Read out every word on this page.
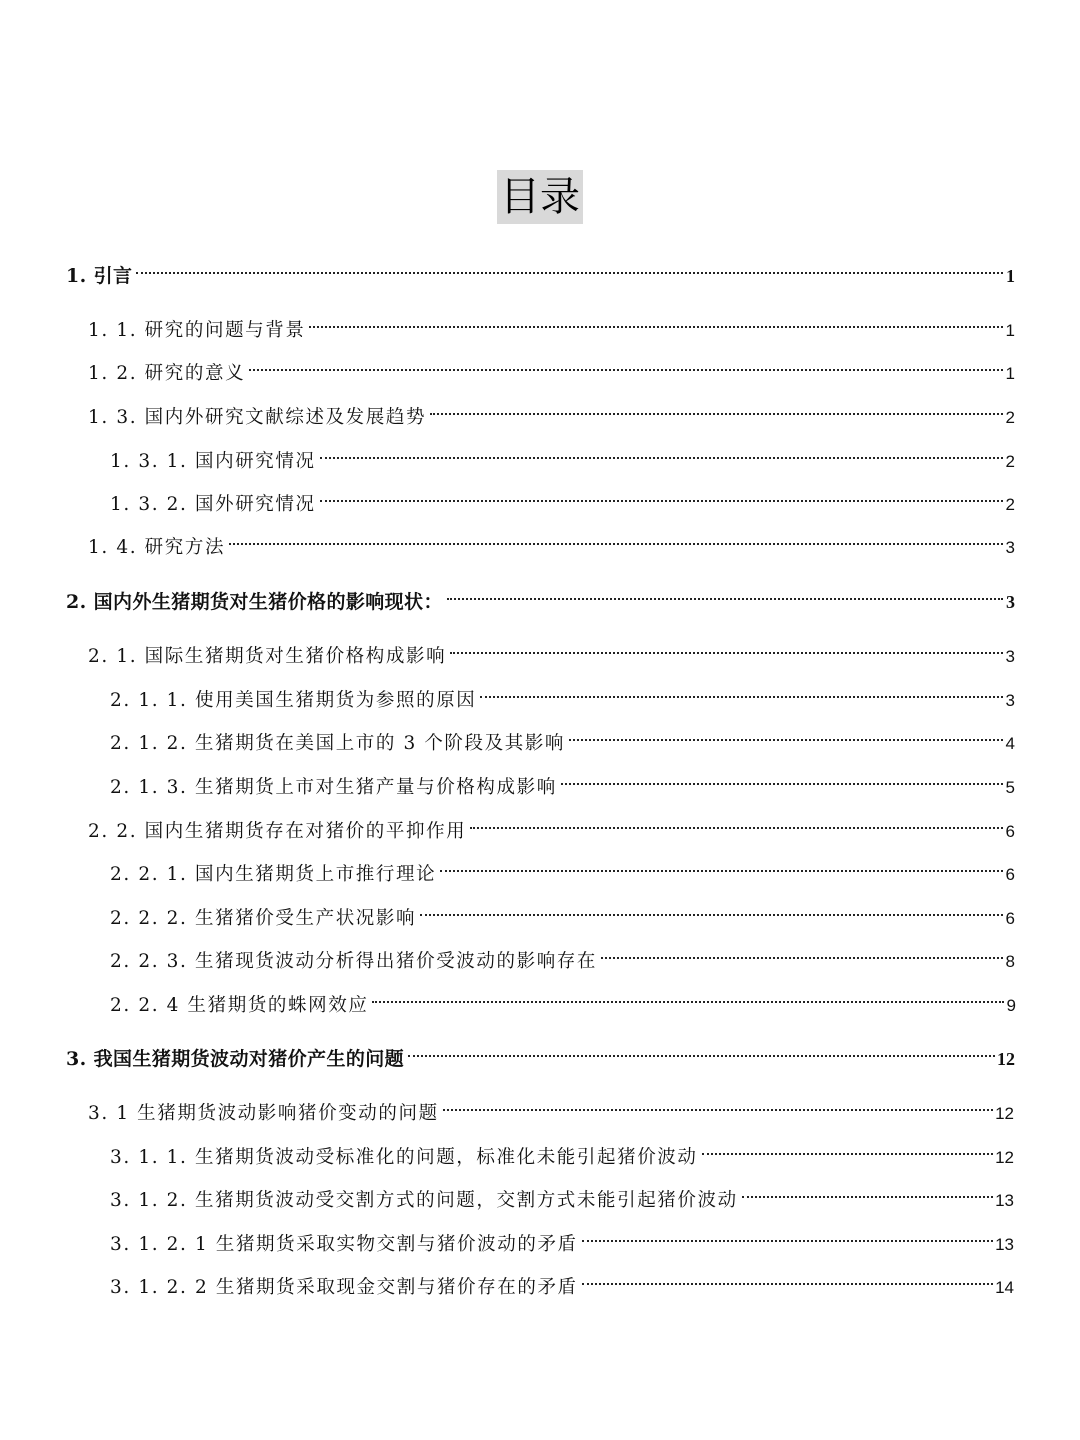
目录
1. 引言	1
1. 1. 研究的问题与背景	1
1. 2. 研究的意义	1
1. 3. 国内外研究文献综述及发展趋势	2
1. 3. 1. 国内研究情况	2
1. 3. 2. 国外研究情况	2
1. 4. 研究方法	3
2. 国内外生猪期货对生猪价格的影响现状：	3
2. 1. 国际生猪期货对生猪价格构成影响	3
2. 1. 1. 使用美国生猪期货为参照的原因	3
2. 1. 2. 生猪期货在美国上市的 3 个阶段及其影响	4
2. 1. 3. 生猪期货上市对生猪产量与价格构成影响	5
2. 2. 国内生猪期货存在对猪价的平抑作用	6
2. 2. 1. 国内生猪期货上市推行理论	6
2. 2. 2. 生猪猪价受生产状况影响	6
2. 2. 3. 生猪现货波动分析得出猪价受波动的影响存在	8
2. 2. 4 生猪期货的蛛网效应	9
3. 我国生猪期货波动对猪价产生的问题	12
3. 1 生猪期货波动影响猪价变动的问题	12
3. 1. 1. 生猪期货波动受标准化的问题，标准化未能引起猪价波动	12
3. 1. 2. 生猪期货波动受交割方式的问题，交割方式未能引起猪价波动	13
3. 1. 2. 1 生猪期货采取实物交割与猪价波动的矛盾	13
3. 1. 2. 2 生猪期货采取现金交割与猪价存在的矛盾	14
